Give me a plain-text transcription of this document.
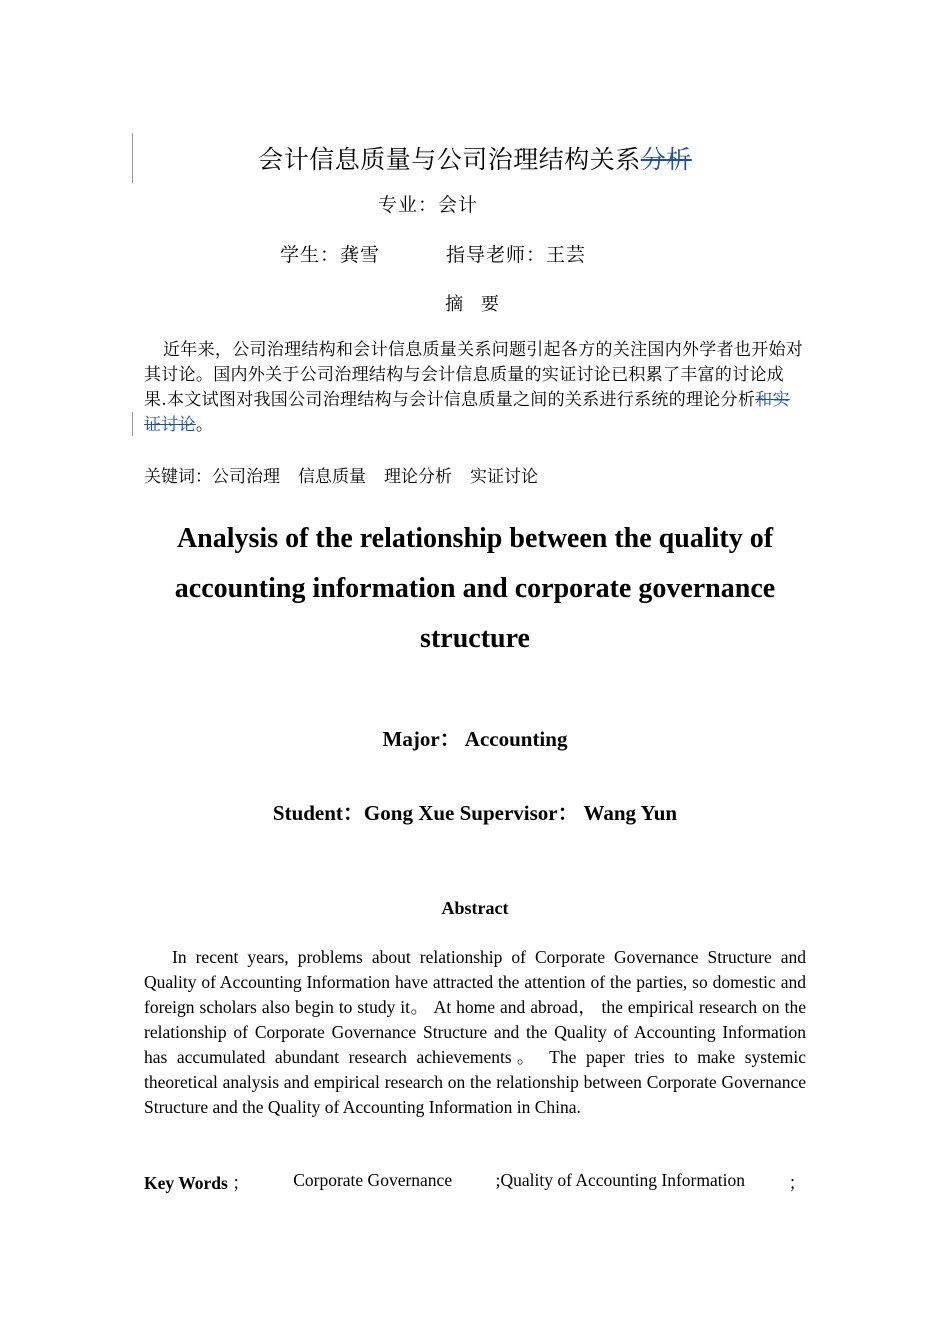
会计信息质量与公司治理结构关系分析
专业：会计
学生：龚雪	指导老师：王芸
摘 要
近年来，公司治理结构和会计信息质量关系问题引起各方的关注国内外学者也开始对其讨论。国内外关于公司治理结构与会计信息质量的实证讨论已积累了丰富的讨论成果.本文试图对我国公司治理结构与会计信息质量之间的关系进行系统的理论分析和实证讨论。
关键词：公司治理 信息质量 理论分析 实证讨论
Analysis of the relationship between the quality of accounting information and corporate governance structure
Major： Accounting
Student：Gong Xue Supervisor： Wang Yun
Abstract
In recent years, problems about relationship of Corporate Governance Structure and Quality of Accounting Information have attracted the attention of the parties, so domestic and foreign scholars also begin to study it。 At home and abroad， the empirical research on the relationship of Corporate Governance Structure and the Quality of Accounting Information has accumulated abundant research achievements。 The paper tries to make systemic theoretical analysis and empirical research on the relationship between Corporate Governance Structure and the Quality of Accounting Information in China.
Key Words ； Corporate Governance ;Quality of Accounting Information ；
